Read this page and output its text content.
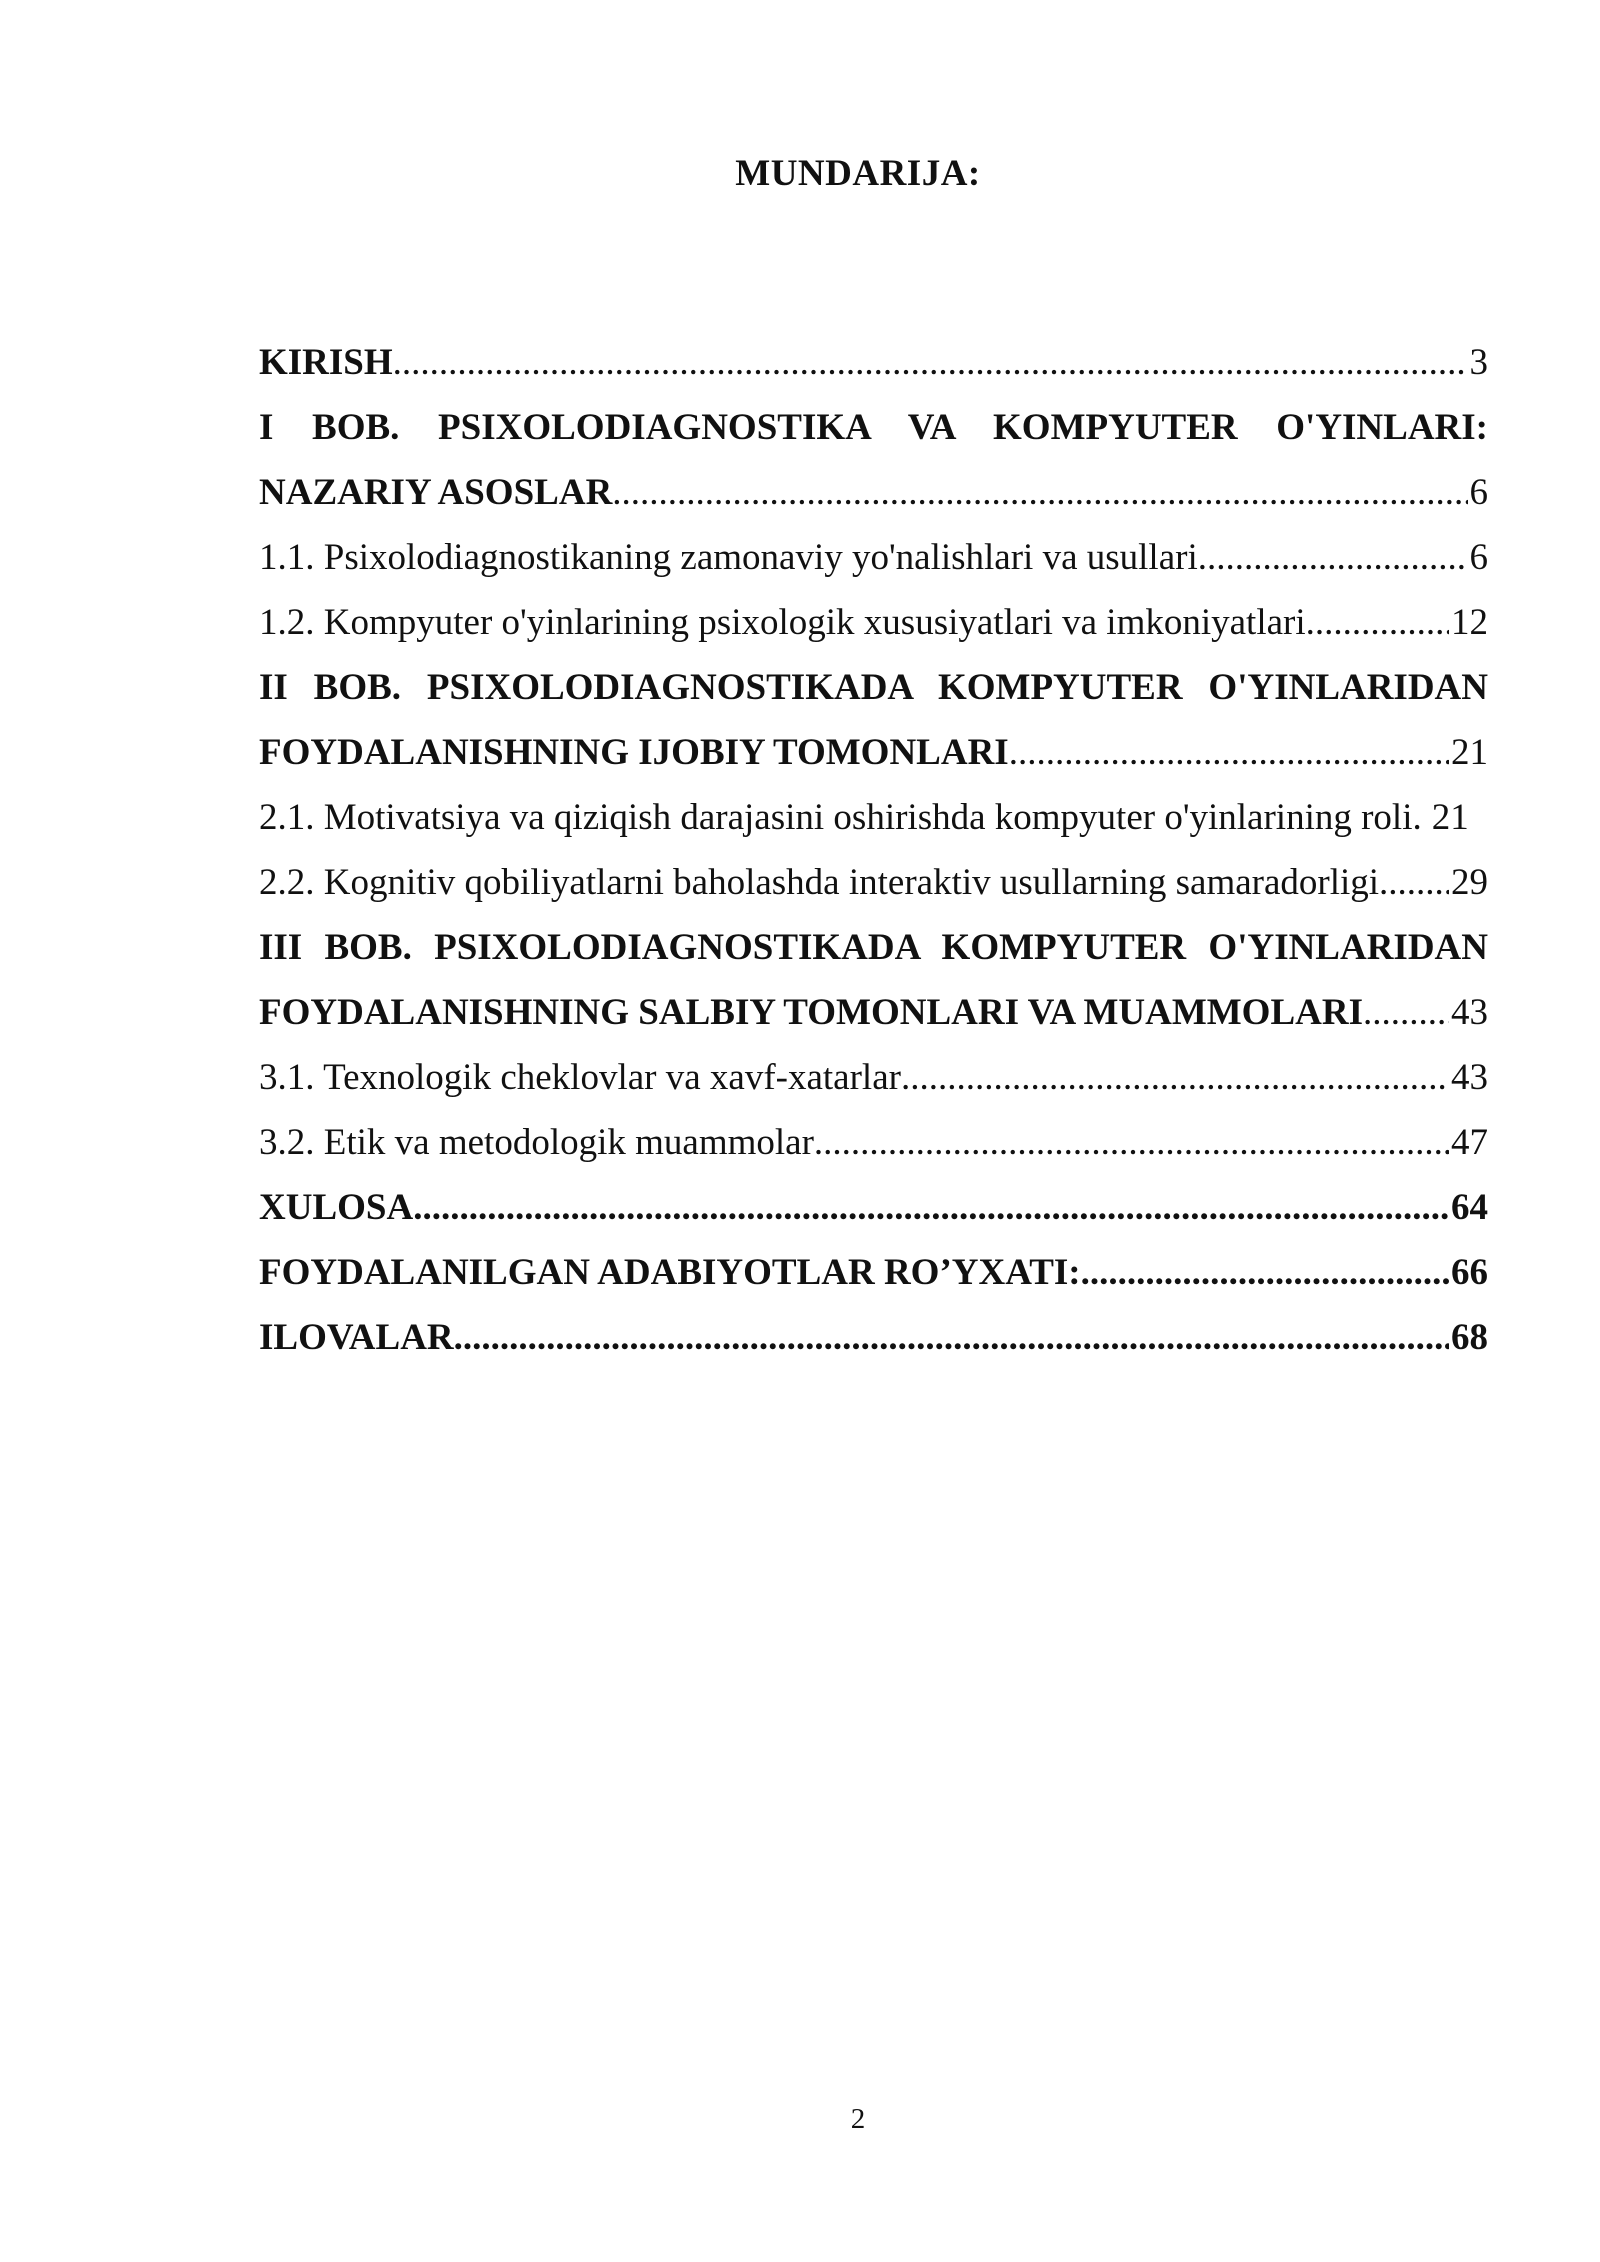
MUNDARIJA:
KIRISH .....	3
I BOB. PSIXOLODIAGNOSTIKA VA KOMPYUTER O'YINLARI:
NAZARIY ASOSLAR .....	6
1.1. Psixolodiagnostikaning zamonaviy yo'nalishlari va usullari .....	6
1.2. Kompyuter o'yinlarining psixologik xususiyatlari va imkoniyatlari .....	12
II BOB. PSIXOLODIAGNOSTIKADA KOMPYUTER O'YINLARIDAN
FOYDALANISHNING IJOBIY TOMONLARI .....	21
2.1. Motivatsiya va qiziqish darajasini oshirishda kompyuter o'yinlarining roli. 21
2.2. Kognitiv qobiliyatlarni baholashda interaktiv usullarning samaradorligi ..... 29
III BOB. PSIXOLODIAGNOSTIKADA KOMPYUTER O'YINLARIDAN
FOYDALANISHNING SALBIY TOMONLARI VA MUAMMOLARI ..... 43
3.1. Texnologik cheklovlar va xavf-xatarlar .....	43
3.2. Etik va metodologik muammolar .....	47
XULOSA .....	64
FOYDALANILGAN ADABIYOTLAR RO’YXATI: .....	66
ILOVALAR .....	68
2
